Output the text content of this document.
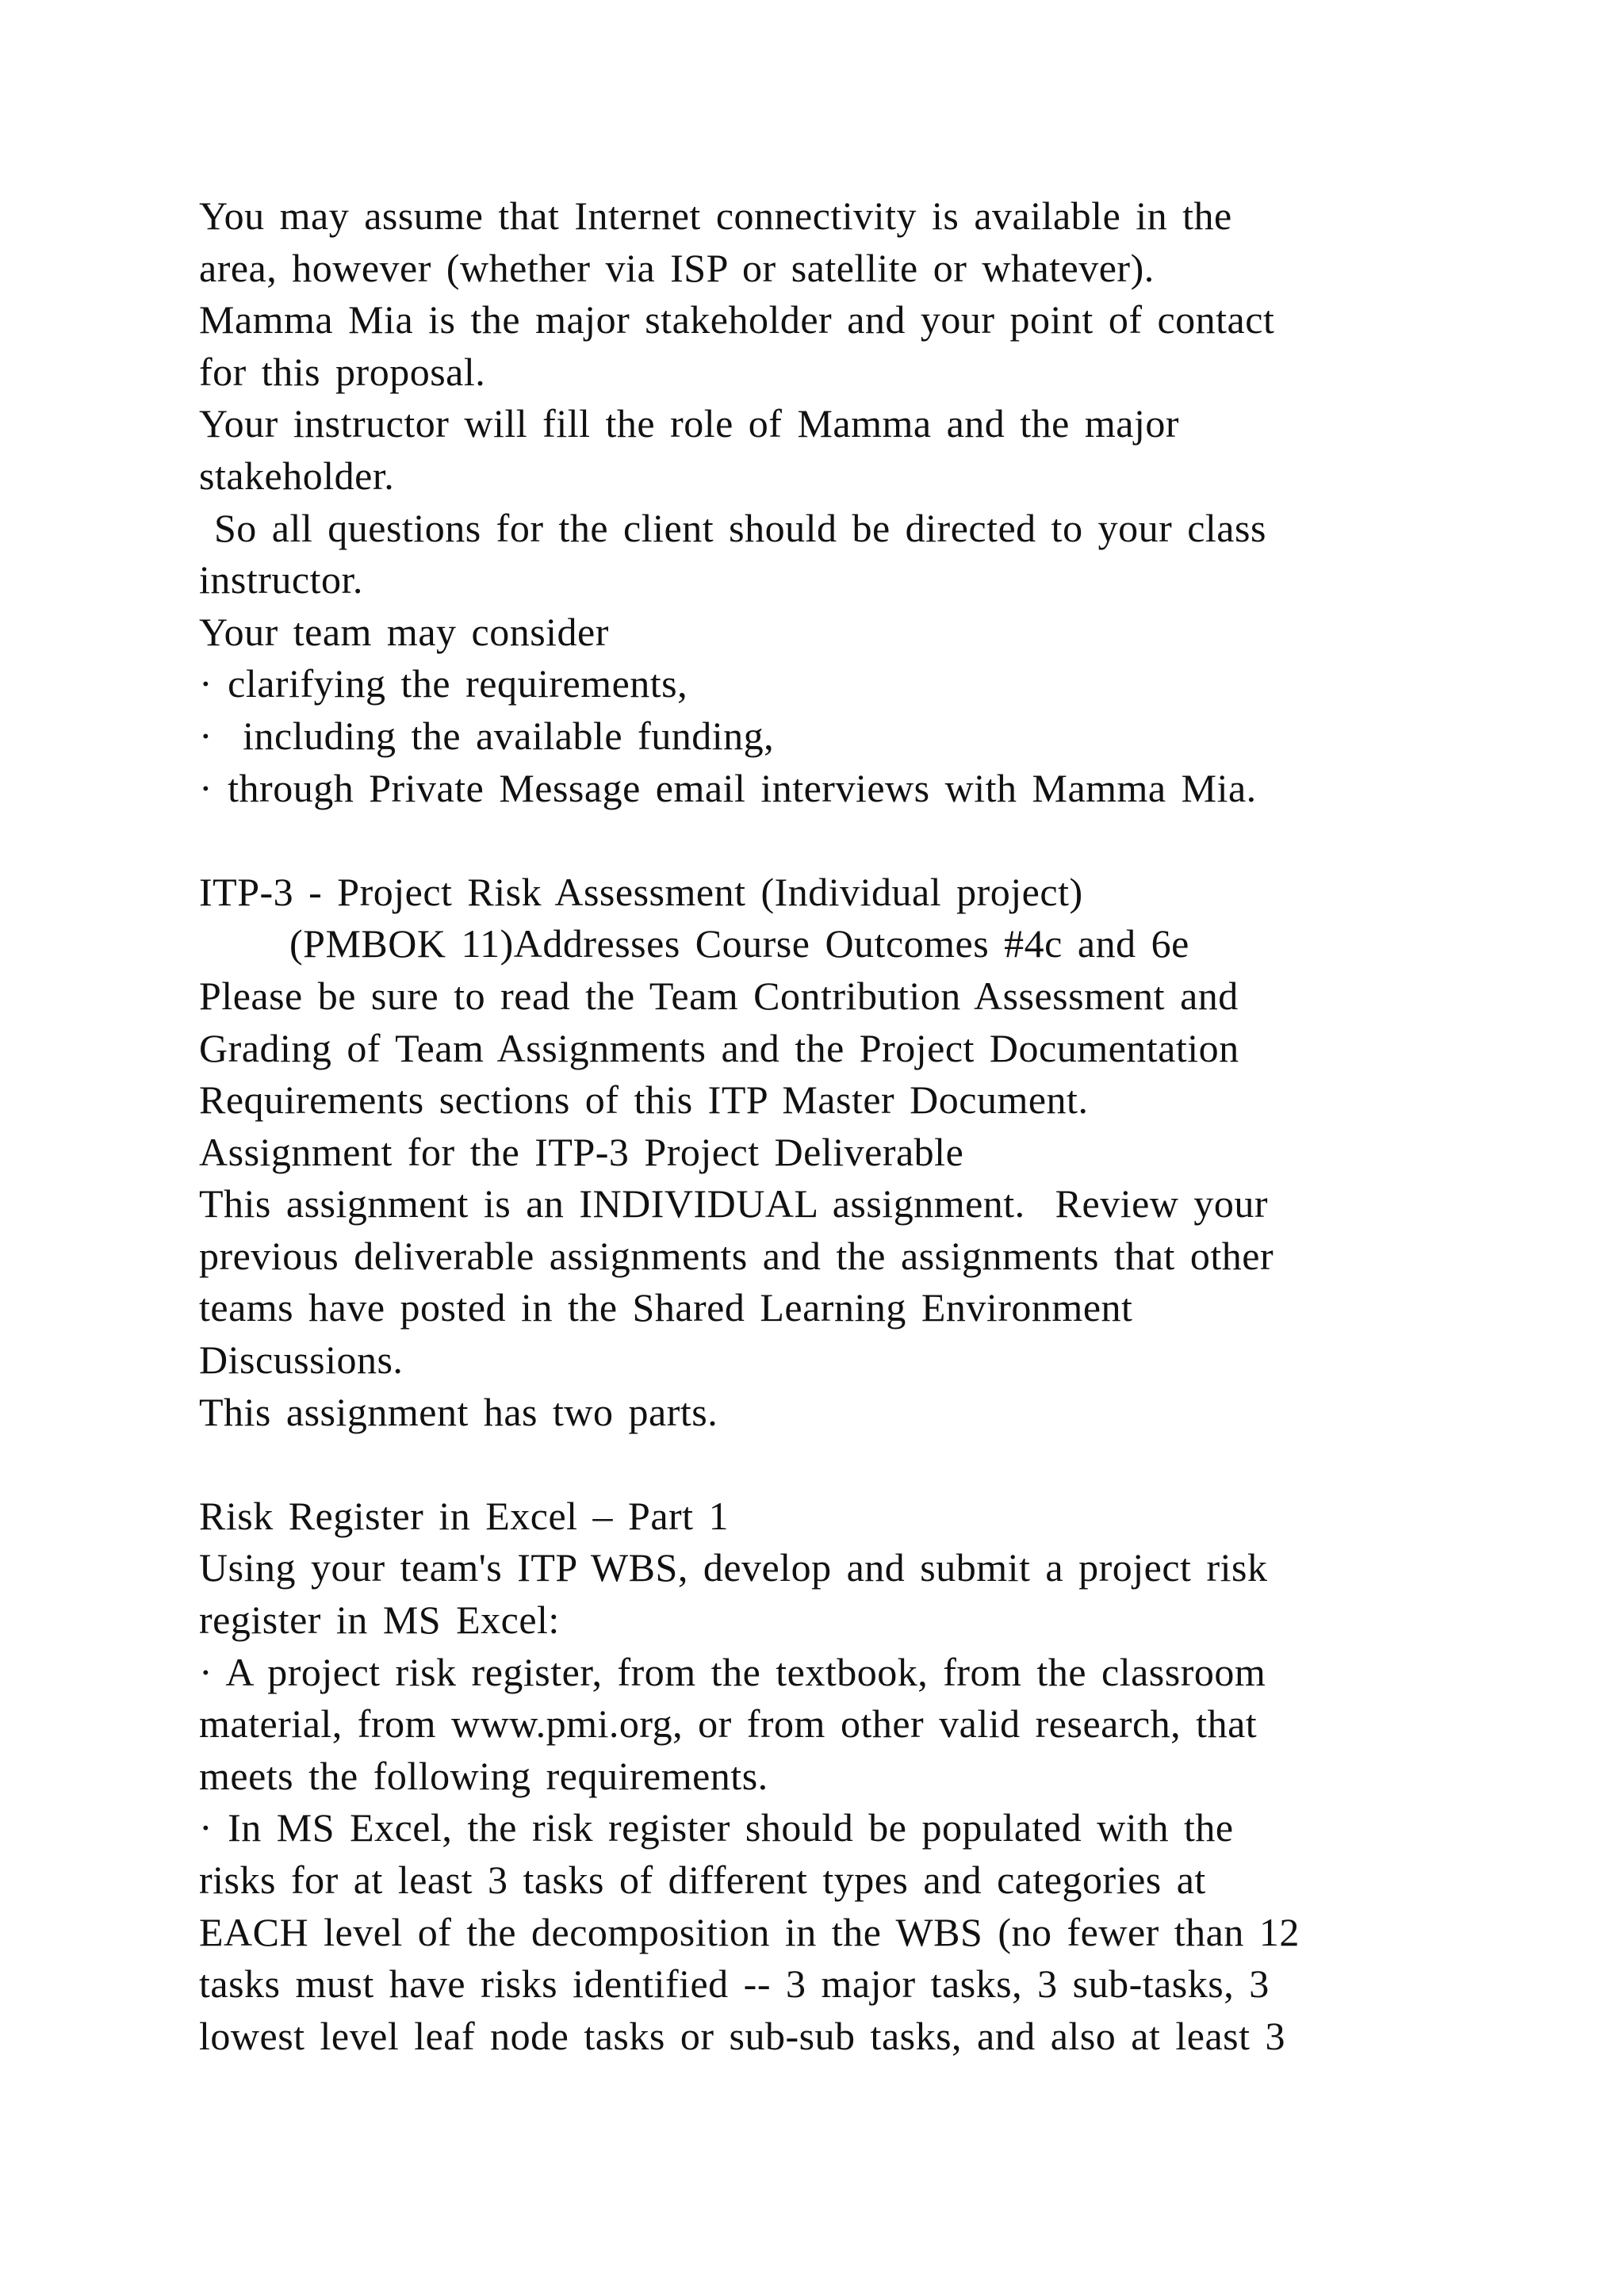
You may assume that Internet connectivity is available in the
area, however (whether via ISP or satellite or whatever).
Mamma Mia is the major stakeholder and your point of contact
for this proposal.
Your instructor will fill the role of Mamma and the major
stakeholder.
So all questions for the client should be directed to your class
instructor.
Your team may consider
· clarifying the requirements,
·  including the available funding,
· through Private Message email interviews with Mamma Mia.
ITP-3 - Project Risk Assessment (Individual project)
(PMBOK 11)Addresses Course Outcomes #4c and 6e
Please be sure to read the Team Contribution Assessment and
Grading of Team Assignments and the Project Documentation
Requirements sections of this ITP Master Document.
Assignment for the ITP-3 Project Deliverable
This assignment is an INDIVIDUAL assignment.  Review your
previous deliverable assignments and the assignments that other
teams have posted in the Shared Learning Environment
Discussions.
This assignment has two parts.
Risk Register in Excel – Part 1
Using your team's ITP WBS, develop and submit a project risk
register in MS Excel:
· A project risk register, from the textbook, from the classroom
material, from www.pmi.org, or from other valid research, that
meets the following requirements.
· In MS Excel, the risk register should be populated with the
risks for at least 3 tasks of different types and categories at
EACH level of the decomposition in the WBS (no fewer than 12
tasks must have risks identified -- 3 major tasks, 3 sub-tasks, 3
lowest level leaf node tasks or sub-sub tasks, and also at least 3
